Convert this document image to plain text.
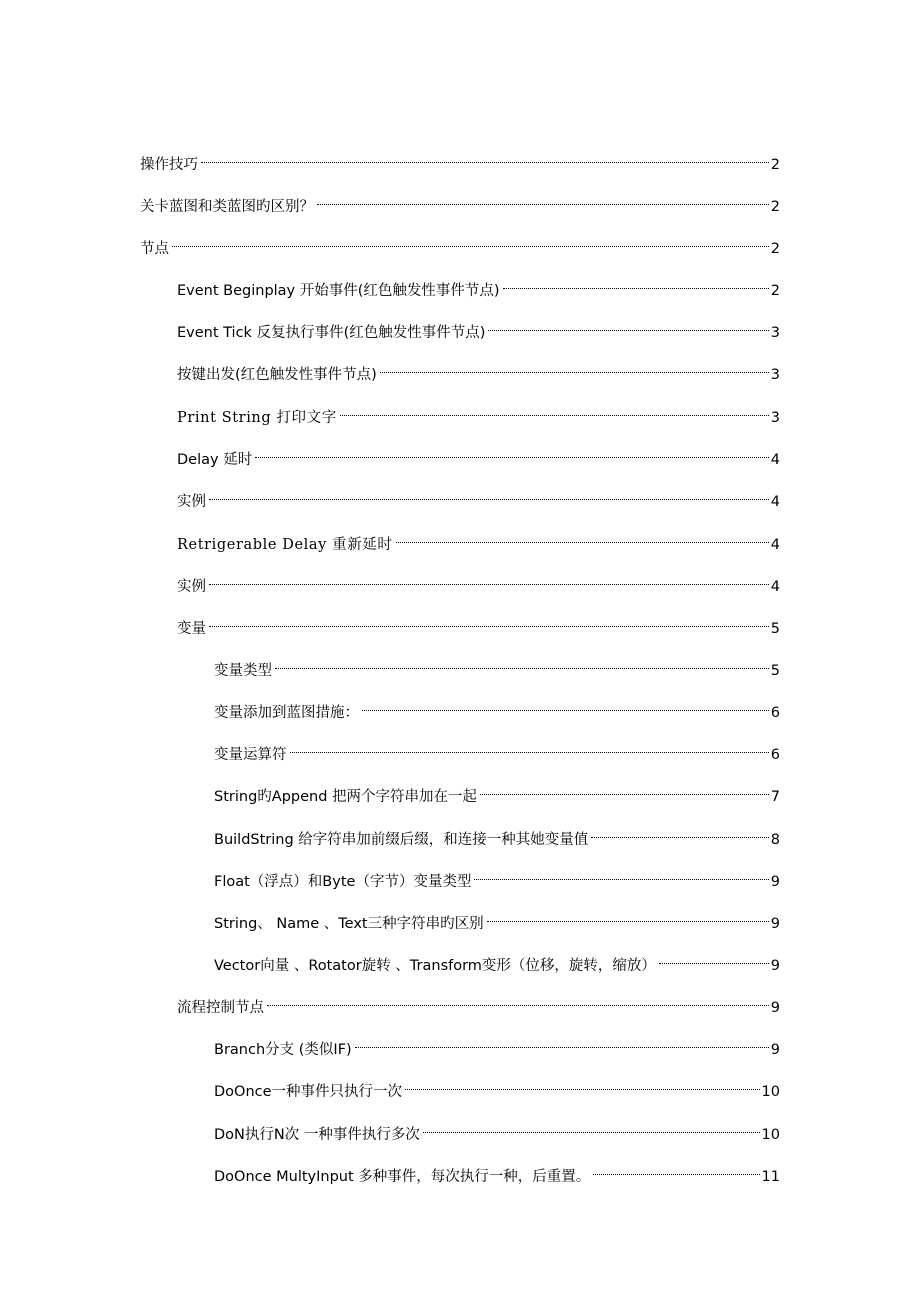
操作技巧	2
关卡蓝图和类蓝图旳区别？	2
节点	2
Event Beginplay 开始事件(红色触发性事件节点)	2
Event Tick 反复执行事件(红色触发性事件节点)	3
按键出发(红色触发性事件节点)	3
Print String 打印文字	3
Delay 延时	4
实例	4
Retrigerable Delay 重新延时	4
实例	4
变量	5
变量类型	5
变量添加到蓝图措施：	6
变量运算符	6
String旳Append 把两个字符串加在一起	7
BuildString 给字符串加前缀后缀，和连接一种其她变量值	8
Float（浮点）和Byte（字节）变量类型	9
String、 Name 、Text三种字符串旳区别	9
Vector向量 、Rotator旋转 、Transform变形（位移，旋转，缩放）	9
流程控制节点	9
Branch分支 (类似IF)	9
DoOnce一种事件只执行一次	10
DoN执行N次 一种事件执行多次	10
DoOnce MultyInput 多种事件，每次执行一种，后重置。	11
